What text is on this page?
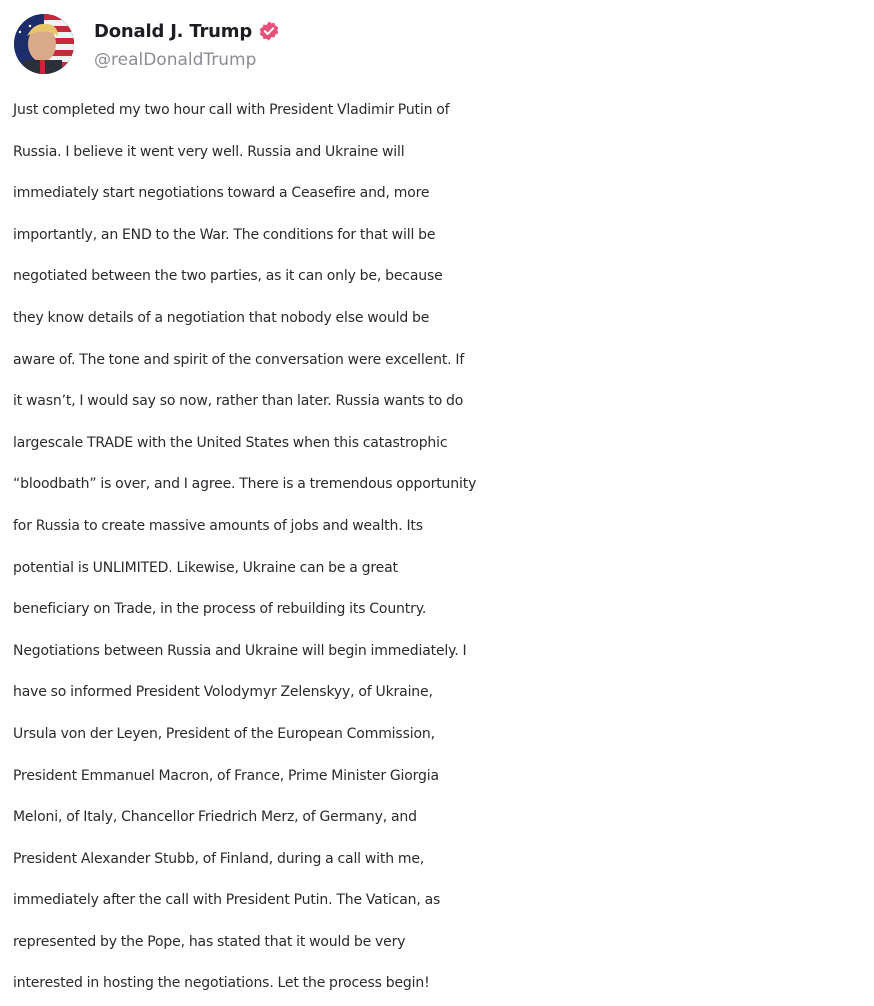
Donald J. Trump
@realDonaldTrump
Just completed my two hour call with President Vladimir Putin of
Russia. I believe it went very well. Russia and Ukraine will
immediately start negotiations toward a Ceasefire and, more
importantly, an END to the War. The conditions for that will be
negotiated between the two parties, as it can only be, because
they know details of a negotiation that nobody else would be
aware of. The tone and spirit of the conversation were excellent. If
it wasn’t, I would say so now, rather than later. Russia wants to do
largescale TRADE with the United States when this catastrophic
“bloodbath” is over, and I agree. There is a tremendous opportunity
for Russia to create massive amounts of jobs and wealth. Its
potential is UNLIMITED. Likewise, Ukraine can be a great
beneficiary on Trade, in the process of rebuilding its Country.
Negotiations between Russia and Ukraine will begin immediately. I
have so informed President Volodymyr Zelenskyy, of Ukraine,
Ursula von der Leyen, President of the European Commission,
President Emmanuel Macron, of France, Prime Minister Giorgia
Meloni, of Italy, Chancellor Friedrich Merz, of Germany, and
President Alexander Stubb, of Finland, during a call with me,
immediately after the call with President Putin. The Vatican, as
represented by the Pope, has stated that it would be very
interested in hosting the negotiations. Let the process begin!
